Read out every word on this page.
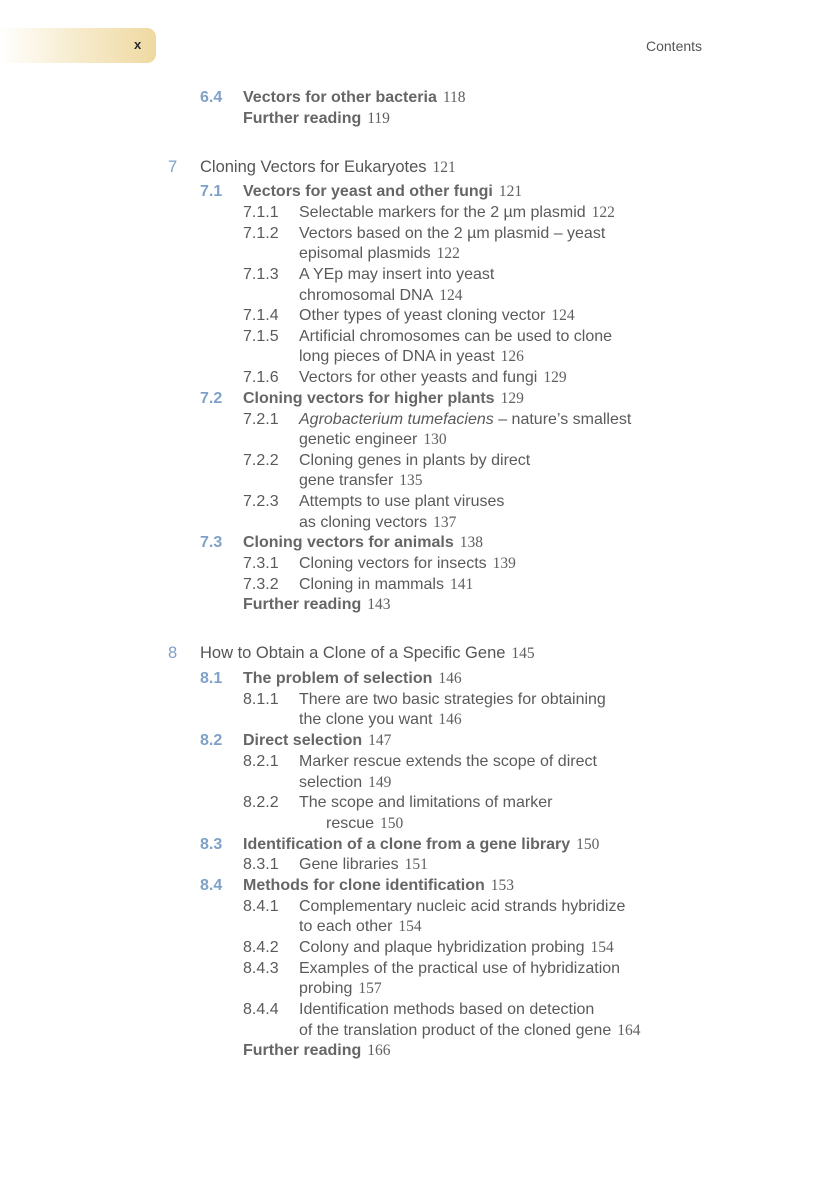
x	Contents
6.4 Vectors for other bacteria 118
Further reading 119
7 Cloning Vectors for Eukaryotes 121
7.1 Vectors for yeast and other fungi 121
7.1.1 Selectable markers for the 2 µm plasmid 122
7.1.2 Vectors based on the 2 µm plasmid – yeast
episomal plasmids 122
7.1.3 A YEp may insert into yeast
chromosomal DNA 124
7.1.4 Other types of yeast cloning vector 124
7.1.5 Artificial chromosomes can be used to clone
long pieces of DNA in yeast 126
7.1.6 Vectors for other yeasts and fungi 129
7.2 Cloning vectors for higher plants 129
7.2.1 Agrobacterium tumefaciens – nature’s smallest
genetic engineer 130
7.2.2 Cloning genes in plants by direct
gene transfer 135
7.2.3 Attempts to use plant viruses
as cloning vectors 137
7.3 Cloning vectors for animals 138
7.3.1 Cloning vectors for insects 139
7.3.2 Cloning in mammals 141
Further reading 143
8 How to Obtain a Clone of a Specific Gene 145
8.1 The problem of selection 146
8.1.1 There are two basic strategies for obtaining
the clone you want 146
8.2 Direct selection 147
8.2.1 Marker rescue extends the scope of direct
selection 149
8.2.2 The scope and limitations of marker
rescue 150
8.3 Identification of a clone from a gene library 150
8.3.1 Gene libraries 151
8.4 Methods for clone identification 153
8.4.1 Complementary nucleic acid strands hybridize
to each other 154
8.4.2 Colony and plaque hybridization probing 154
8.4.3 Examples of the practical use of hybridization
probing 157
8.4.4 Identification methods based on detection
of the translation product of the cloned gene 164
Further reading 166
